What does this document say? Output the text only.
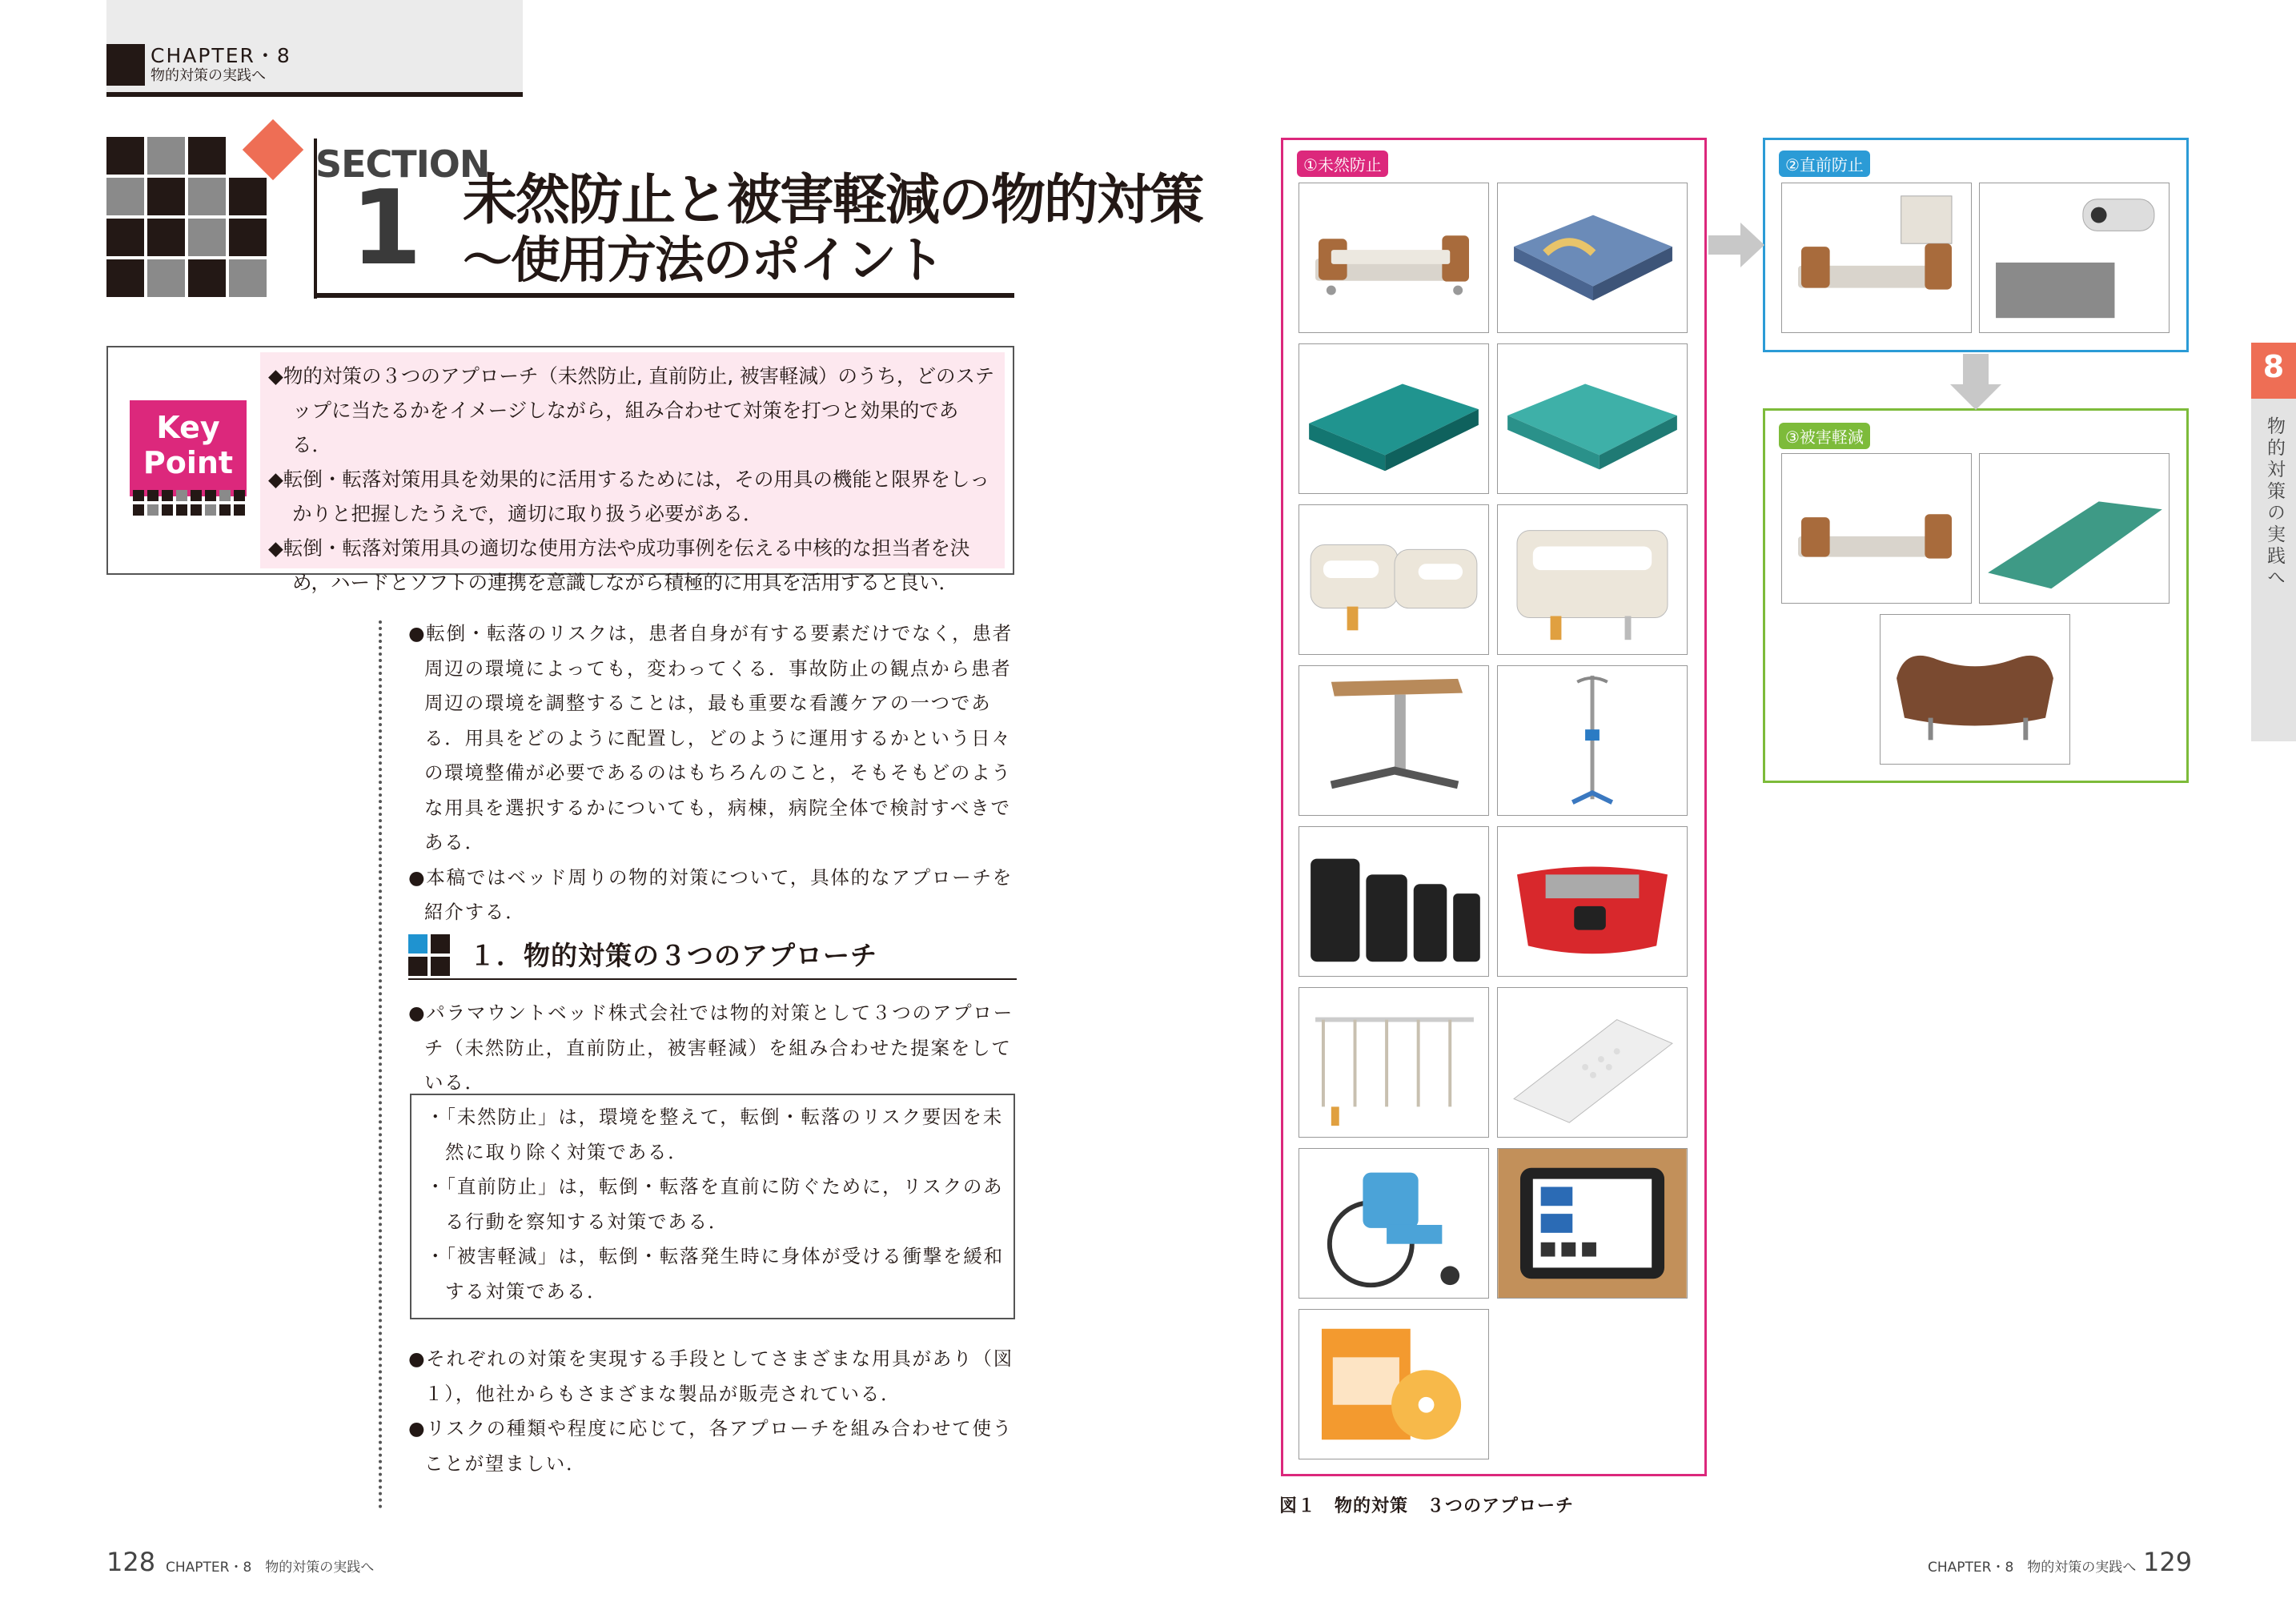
CHAPTER・8
物的対策の実践へ
SECTION
1 未然防止と被害軽減の物的対策
～使用方法のポイント
Key
Point

◆物的対策の３つのアプローチ（未然防止, 直前防止, 被害軽減）のうち，どのステップに当たるかをイメージしながら，組み合わせて対策を打つと効果的である．

◆転倒・転落対策用具を効果的に活用するためには，その用具の機能と限界をしっかりと把握したうえで，適切に取り扱う必要がある．

◆転倒・転落対策用具の適切な使用方法や成功事例を伝える中核的な担当者を決め，ハードとソフトの連携を意識しながら積極的に用具を活用すると良い．

●転倒・転落のリスクは，患者自身が有する要素だけでなく，患者周辺の環境によっても，変わってくる．事故防止の観点から患者周辺の環境を調整することは，最も重要な看護ケアの一つである．用具をどのように配置し，どのように運用するかという日々の環境整備が必要であるのはもちろんのこと，そもそもどのような用具を選択するかについても，病棟，病院全体で検討すべきである．

●本稿ではベッド周りの物的対策について，具体的なアプローチを紹介する．

１．物的対策の３つのアプローチ

●パラマウントベッド株式会社では物的対策として３つのアプローチ（未然防止，直前防止，被害軽減）を組み合わせた提案をしている．

・「未然防止」は，環境を整えて，転倒・転落のリスク要因を未然に取り除く対策である．

・「直前防止」は，転倒・転落を直前に防ぐために，リスクのある行動を察知する対策である．

・「被害軽減」は，転倒・転落発生時に身体が受ける衝撃を緩和する対策である．

●それぞれの対策を実現する手段としてさまざまな用具があり（図１），他社からもさまざまな製品が販売されている．

●リスクの種類や程度に応じて，各アプローチを組み合わせて使うことが望ましい．

128 CHAPTER・8　物的対策の実践へ
①未然防止	②直前防止
③被害軽減
図１　物的対策　３つのアプローチ
8
物的対策の実践へ
CHAPTER・8　物的対策の実践へ 129
